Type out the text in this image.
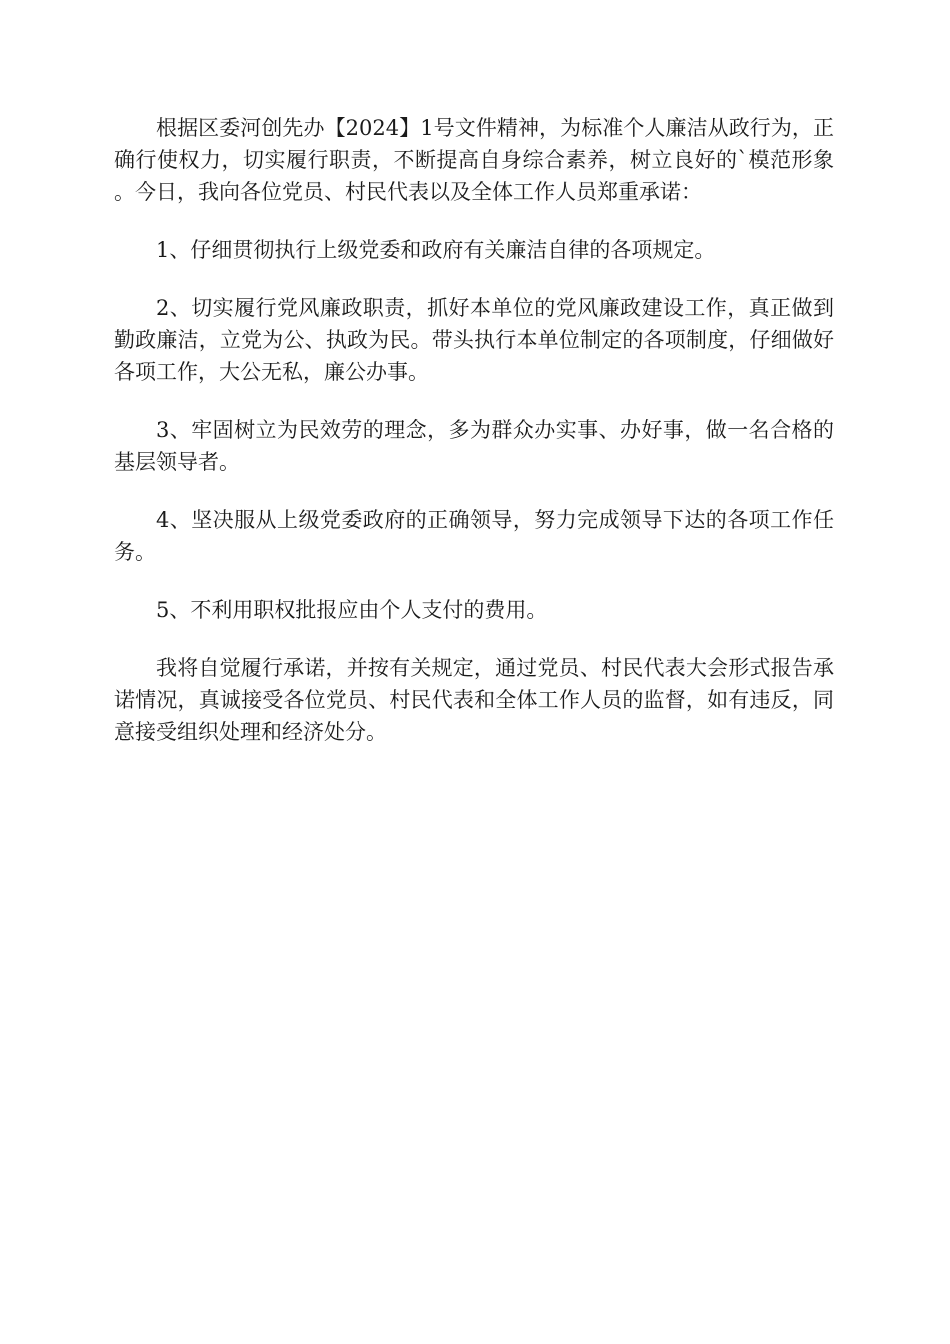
根据区委河创先办【2024】1号文件精神，为标准个人廉洁从政行为，正确行使权力，切实履行职责，不断提高自身综合素养，树立良好的`模范形象。今日，我向各位党员、村民代表以及全体工作人员郑重承诺：

1、仔细贯彻执行上级党委和政府有关廉洁自律的各项规定。

2、切实履行党风廉政职责，抓好本单位的党风廉政建设工作，真正做到勤政廉洁，立党为公、执政为民。带头执行本单位制定的各项制度，仔细做好各项工作，大公无私，廉公办事。

3、牢固树立为民效劳的理念，多为群众办实事、办好事，做一名合格的基层领导者。

4、坚决服从上级党委政府的正确领导，努力完成领导下达的各项工作任务。

5、不利用职权批报应由个人支付的费用。

我将自觉履行承诺，并按有关规定，通过党员、村民代表大会形式报告承诺情况，真诚接受各位党员、村民代表和全体工作人员的监督，如有违反，同意接受组织处理和经济处分。
